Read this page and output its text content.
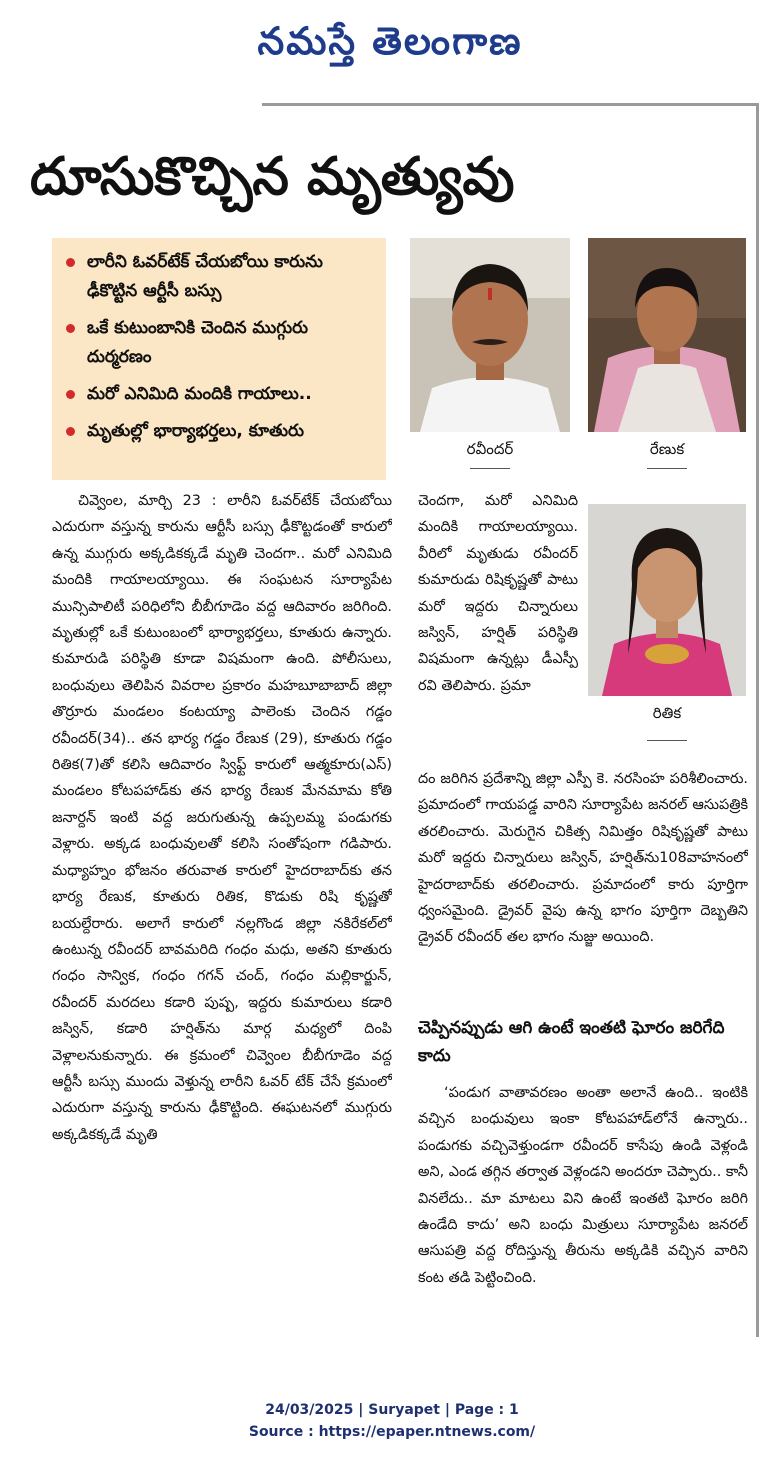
నమస్తే తెలంగాణ
దూసుకొచ్చిన మృత్యువు
లారీని ఓవర్‌టేక్ చేయబోయి కారును ఢీకొట్టిన ఆర్టీసీ బస్సు
ఒకే కుటుంబానికి చెందిన ముగ్గురు దుర్మరణం
మరో ఎనిమిది మందికి గాయాలు..
మృతుల్లో భార్యాభర్తలు, కూతురు
రవీందర్	రేణుక
రితిక

చివ్వెంల, మార్చి 23 : లారీని ఓవర్‌టేక్ చేయబోయి ఎదురుగా వస్తున్న కారును ఆర్టీసీ బస్సు ఢీకొట్టడంతో కారులో ఉన్న ముగ్గురు అక్కడికక్కడే మృతి చెందగా.. మరో ఎనిమిది మందికి గాయాలయ్యాయి. ఈ సంఘటన సూర్యాపేట మున్సిపాలిటీ పరిధిలోని బీబీగూడెం వద్ద ఆదివారం జరిగింది. మృతుల్లో ఒకే కుటుంబంలో భార్యాభర్తలు, కూతురు ఉన్నారు. కుమారుడి పరిస్థితి కూడా విషమంగా ఉంది. పోలీసులు, బంధువులు తెలిపిన వివరాల ప్రకారం మహబూబాబాద్ జిల్లా తొర్రూరు మండలం కంటయ్యా పాలెంకు చెందిన గడ్డం రవీందర్(34).. తన భార్య గడ్డం రేణుక (29), కూతురు గడ్డం రితిక(7)తో కలిసి ఆదివారం స్విఫ్ట్ కారులో ఆత్మకూరు(ఎస్) మండలం కోటపహాడ్‌కు తన భార్య రేణుక మేనమామ కోతి జనార్దన్ ఇంటి వద్ద జరుగుతున్న ఉప్పలమ్మ పండుగకు వెళ్లారు. అక్కడ బంధువులతో కలిసి సంతోషంగా గడిపారు. మధ్యాహ్నం భోజనం తరువాత కారులో హైదరాబాద్‌కు తన భార్య రేణుక, కూతురు రితిక, కొడుకు రిషి కృష్ణతో బయల్దేరారు. అలాగే కారులో నల్లగొండ జిల్లా నకిరేకల్‌లో ఉంటున్న రవీందర్ బావమరిది గంధం మధు, అతని కూతురు గంధం సాన్విక, గంధం గగన్ చంద్, గంధం మల్లికార్జున్, రవీందర్ మరదలు కడారి పుష్ప, ఇద్దరు కుమారులు కడారి జస్విన్, కడారి హర్షిత్‌ను మార్గ మధ్యలో దింపి వెళ్లాలనుకున్నారు. ఈ క్రమంలో చివ్వెంల బీబీగూడెం వద్ద ఆర్టీసీ బస్సు ముందు వెళ్తున్న లారీని ఓవర్ టేక్ చేసే క్రమంలో ఎదురుగా వస్తున్న కారును ఢీకొట్టింది. ఈఘటనలో ముగ్గురు అక్కడికక్కడే మృతి

చెందగా, మరో ఎనిమిది మందికి గాయాలయ్యాయి. వీరిలో మృతుడు రవీందర్ కుమారుడు రిషికృష్ణతో పాటు మరో ఇద్దరు చిన్నారులు జస్విన్, హర్షిత్ పరిస్థితి విషమంగా ఉన్నట్లు డీఎస్పీ రవి తెలిపారు. ప్రమా
దం జరిగిన ప్రదేశాన్ని జిల్లా ఎస్పీ కె. నరసింహ పరిశీలించారు. ప్రమాదంలో గాయపడ్డ వారిని సూర్యాపేట జనరల్ ఆసుపత్రికి తరలించారు. మెరుగైన చికిత్స నిమిత్తం రిషికృష్ణతో పాటు మరో ఇద్దరు చిన్నారులు జస్విన్, హర్షిత్‌ను108వాహనంలో హైదరాబాద్‌కు తరలించారు. ప్రమాదంలో కారు పూర్తిగా ధ్వంసమైంది. డ్రైవర్ వైపు ఉన్న భాగం పూర్తిగా దెబ్బతిని డ్రైవర్ రవీందర్ తల భాగం నుజ్జు అయింది.
చెప్పినప్పుడు ఆగి ఉంటే ఇంతటి ఘోరం జరిగేది కాదు

‘పండుగ వాతావరణం అంతా అలానే ఉంది.. ఇంటికి వచ్చిన బంధువులు ఇంకా కోటపహాడ్‌లోనే ఉన్నారు.. పండుగకు వచ్చివెళ్తుండగా రవీందర్ కాసేపు ఉండి వెళ్లండి అని, ఎండ తగ్గిన తర్వాత వెళ్లండని అందరూ చెప్పారు.. కానీ వినలేదు.. మా మాటలు విని ఉంటే ఇంతటి ఘోరం జరిగి ఉండేది కాదు’ అని బంధు మిత్రులు సూర్యాపేట జనరల్ ఆసుపత్రి వద్ద రోదిస్తున్న తీరును అక్కడికి వచ్చిన వారిని కంట తడి పెట్టించింది.

24/03/2025 | Suryapet | Page : 1
Source : https://epaper.ntnews.com/
